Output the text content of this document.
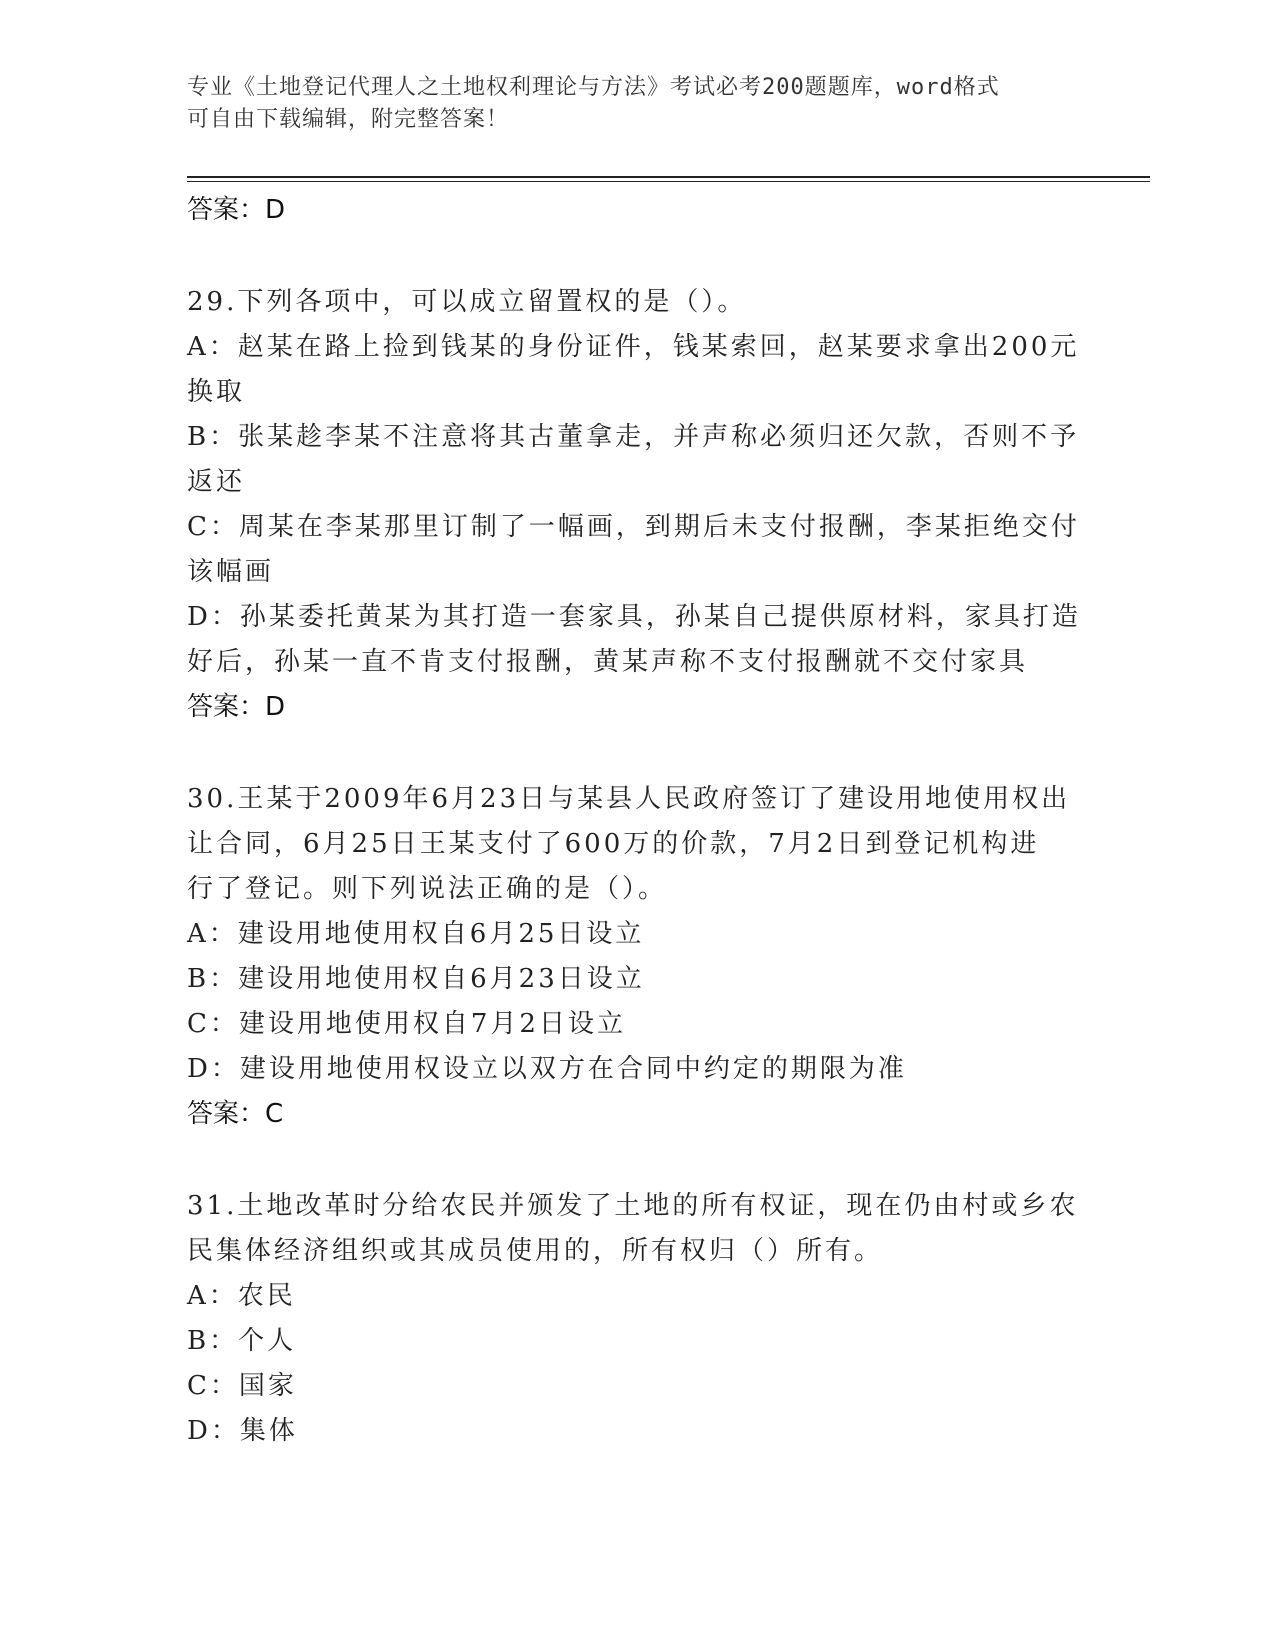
专业《土地登记代理人之土地权利理论与方法》考试必考200题题库，word格式
可自由下载编辑，附完整答案！

答案：D

29.下列各项中，可以成立留置权的是（）。

A：赵某在路上捡到钱某的身份证件，钱某索回，赵某要求拿出200元

换取

B：张某趁李某不注意将其古董拿走，并声称必须归还欠款，否则不予

返还

C：周某在李某那里订制了一幅画，到期后未支付报酬，李某拒绝交付

该幅画

D：孙某委托黄某为其打造一套家具，孙某自己提供原材料，家具打造

好后，孙某一直不肯支付报酬，黄某声称不支付报酬就不交付家具

答案：D

30.王某于2009年6月23日与某县人民政府签订了建设用地使用权出

让合同，6月25日王某支付了600万的价款，7月2日到登记机构进

行了登记。则下列说法正确的是（）。

A：建设用地使用权自6月25日设立

B：建设用地使用权自6月23日设立

C：建设用地使用权自7月2日设立

D：建设用地使用权设立以双方在合同中约定的期限为准

答案：C

31.土地改革时分给农民并颁发了土地的所有权证，现在仍由村或乡农

民集体经济组织或其成员使用的，所有权归（）所有。

A：农民

B：个人

C：国家

D：集体
